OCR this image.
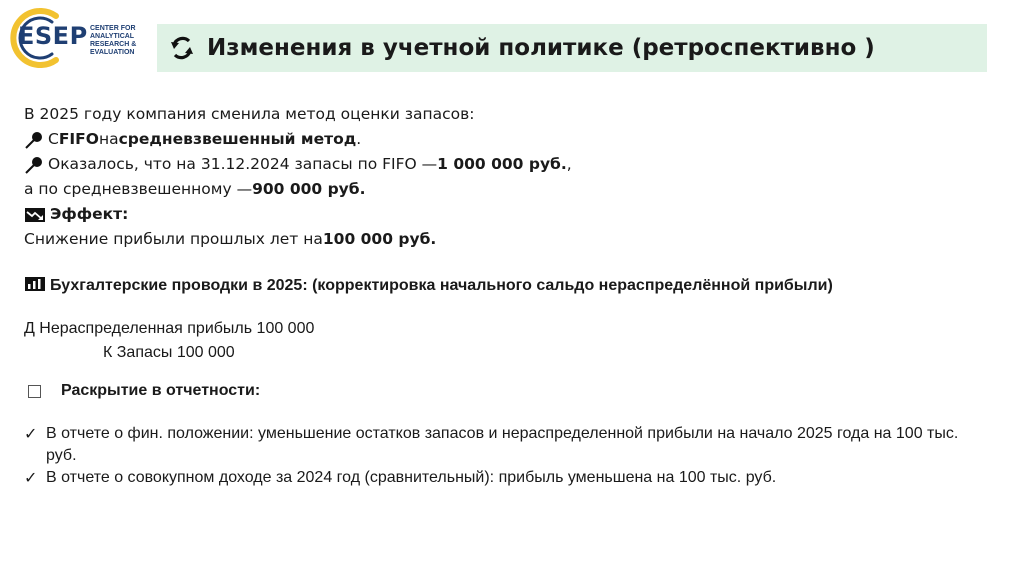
ESEP CENTER FOR
ANALYTICAL
RESEARCH &
EVALUATION	Изменения в учетной политике (ретроспективно )
В 2025 году компания сменила метод оценки запасов:
С FIFO на средневзвешенный метод .
Оказалось, что на 31.12.2024 запасы по FIFO — 1 000 000 руб. ,
а по средневзвешенному — 900 000 руб.
Эффект:
Снижение прибыли прошлых лет на 100 000 руб.
Бухгалтерские проводки в 2025: (корректировка начального сальдо нераспределённой прибыли)
Д Нераспределенная прибыль 100 000
К Запасы 100 000
Раскрытие в отчетности:
✓ В отчете о фин. положении: уменьшение остатков запасов и нераспределенной прибыли на начало 2025 года на 100 тыс. руб.
✓ В отчете о совокупном доходе за 2024 год (сравнительный): прибыль уменьшена на 100 тыс. руб.
